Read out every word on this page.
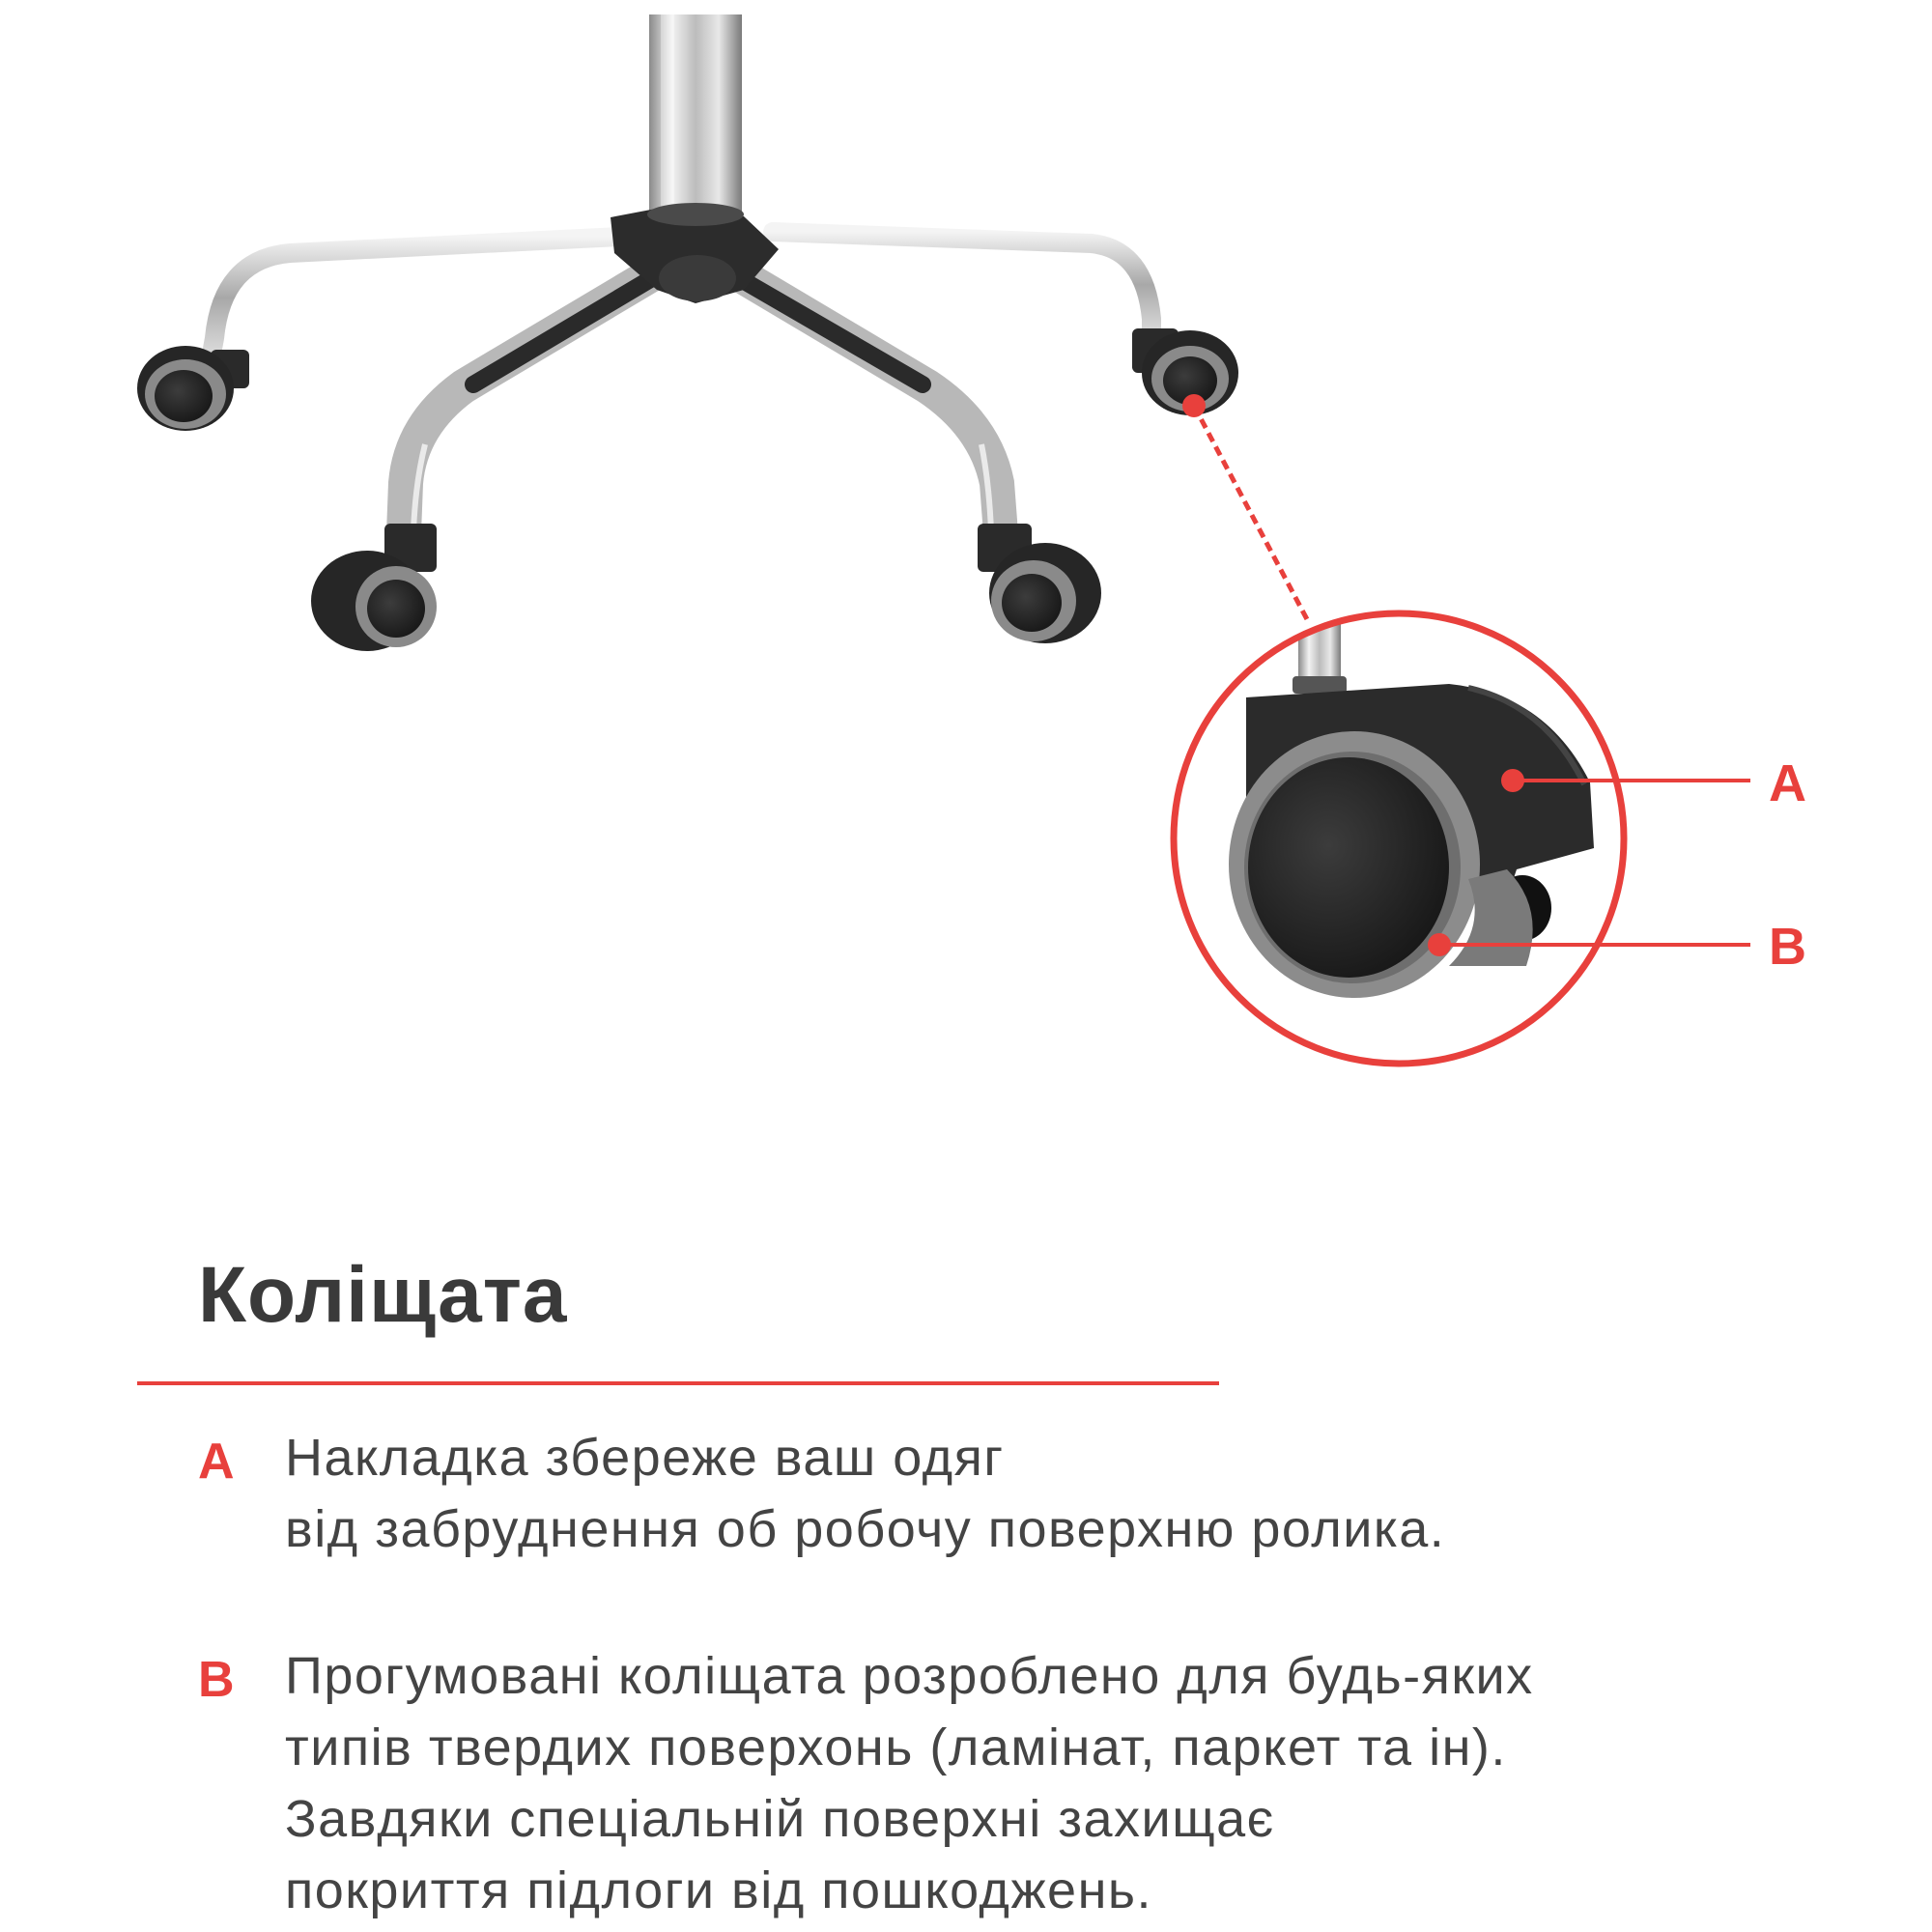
A
B
Коліщата
A Накладка збереже ваш одяг
від забруднення об робочу поверхню ролика.
B Прогумовані коліщата розроблено для будь-яких
типів твердих поверхонь (ламінат, паркет та ін).
Завдяки спеціальній поверхні захищає
покриття підлоги від пошкоджень.
